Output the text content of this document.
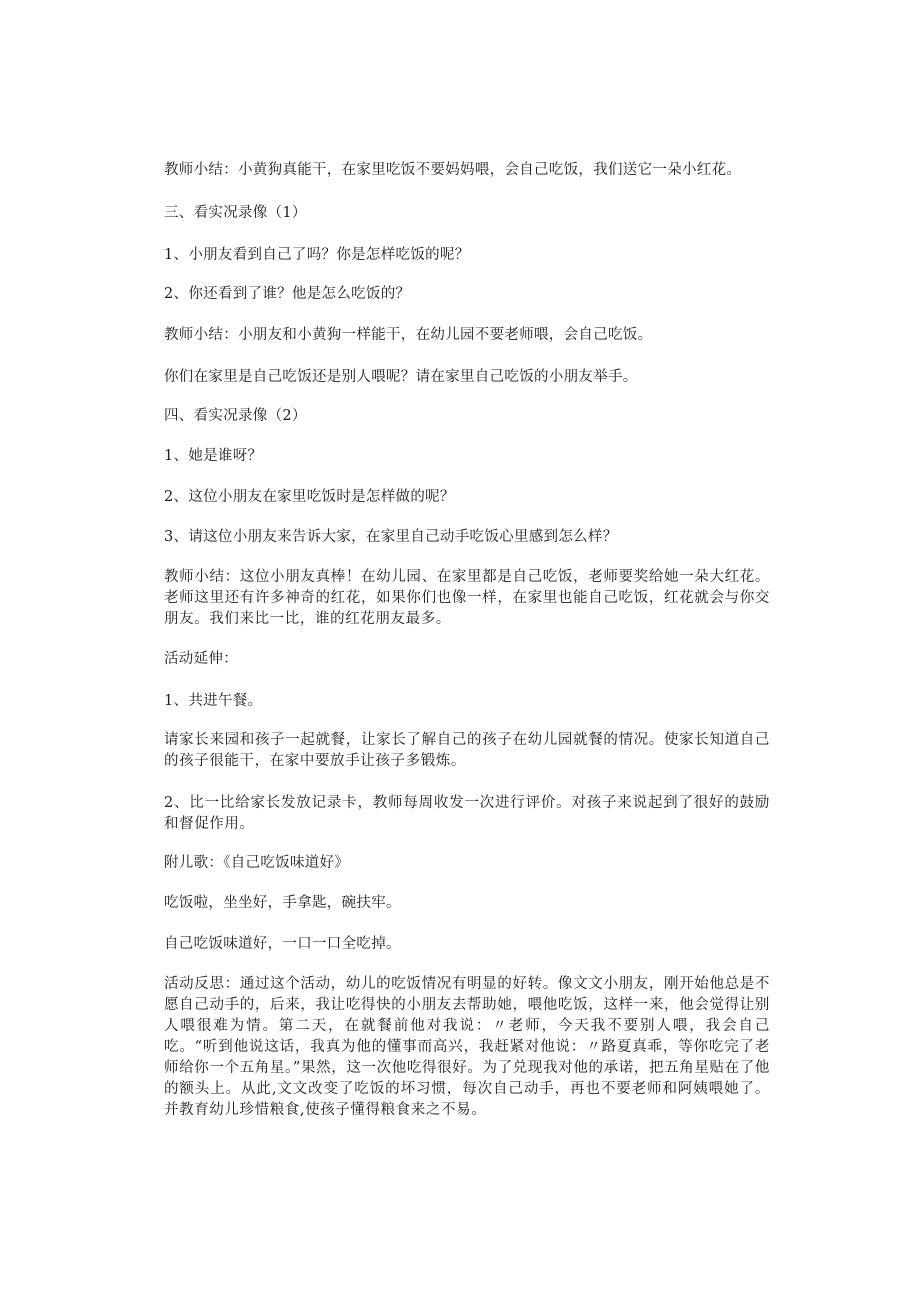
教师小结：小黄狗真能干，在家里吃饭不要妈妈喂，会自己吃饭，我们送它一朵小红花。

三、看实况录像（1）

1、小朋友看到自己了吗？你是怎样吃饭的呢？

2、你还看到了谁？他是怎么吃饭的？

教师小结：小朋友和小黄狗一样能干，在幼儿园不要老师喂，会自己吃饭。

你们在家里是自己吃饭还是别人喂呢？请在家里自己吃饭的小朋友举手。

四、看实况录像（2）

1、她是谁呀？

2、这位小朋友在家里吃饭时是怎样做的呢？

3、请这位小朋友来告诉大家，在家里自己动手吃饭心里感到怎么样？

教师小结：这位小朋友真棒！在幼儿园、在家里都是自己吃饭，老师要奖给她一朵大红花。老师这里还有许多神奇的红花，如果你们也像一样，在家里也能自己吃饭，红花就会与你交朋友。我们来比一比，谁的红花朋友最多。

活动延伸：

1、共进午餐。

请家长来园和孩子一起就餐，让家长了解自己的孩子在幼儿园就餐的情况。使家长知道自己的孩子很能干，在家中要放手让孩子多锻炼。

2、比一比给家长发放记录卡，教师每周收发一次进行评价。对孩子来说起到了很好的鼓励和督促作用。

附儿歌：《自己吃饭味道好》

吃饭啦，坐坐好，手拿匙，碗扶牢。

自己吃饭味道好，一口一口全吃掉。

活动反思：通过这个活动，幼儿的吃饭情况有明显的好转。像文文小朋友，刚开始他总是不愿自己动手的，后来，我让吃得快的小朋友去帮助她，喂他吃饭，这样一来，他会觉得让别人喂很难为情。第二天，在就餐前他对我说：〃老师，今天我不要别人喂，我会自己吃。“听到他说这话，我真为他的懂事而高兴，我赶紧对他说：〃路夏真乖，等你吃完了老师给你一个五角星。”果然，这一次他吃得很好。为了兑现我对他的承诺，把五角星贴在了他的额头上。从此,文文改变了吃饭的坏习惯，每次自己动手，再也不要老师和阿姨喂她了。并教育幼儿珍惜粮食,使孩子懂得粮食来之不易。
